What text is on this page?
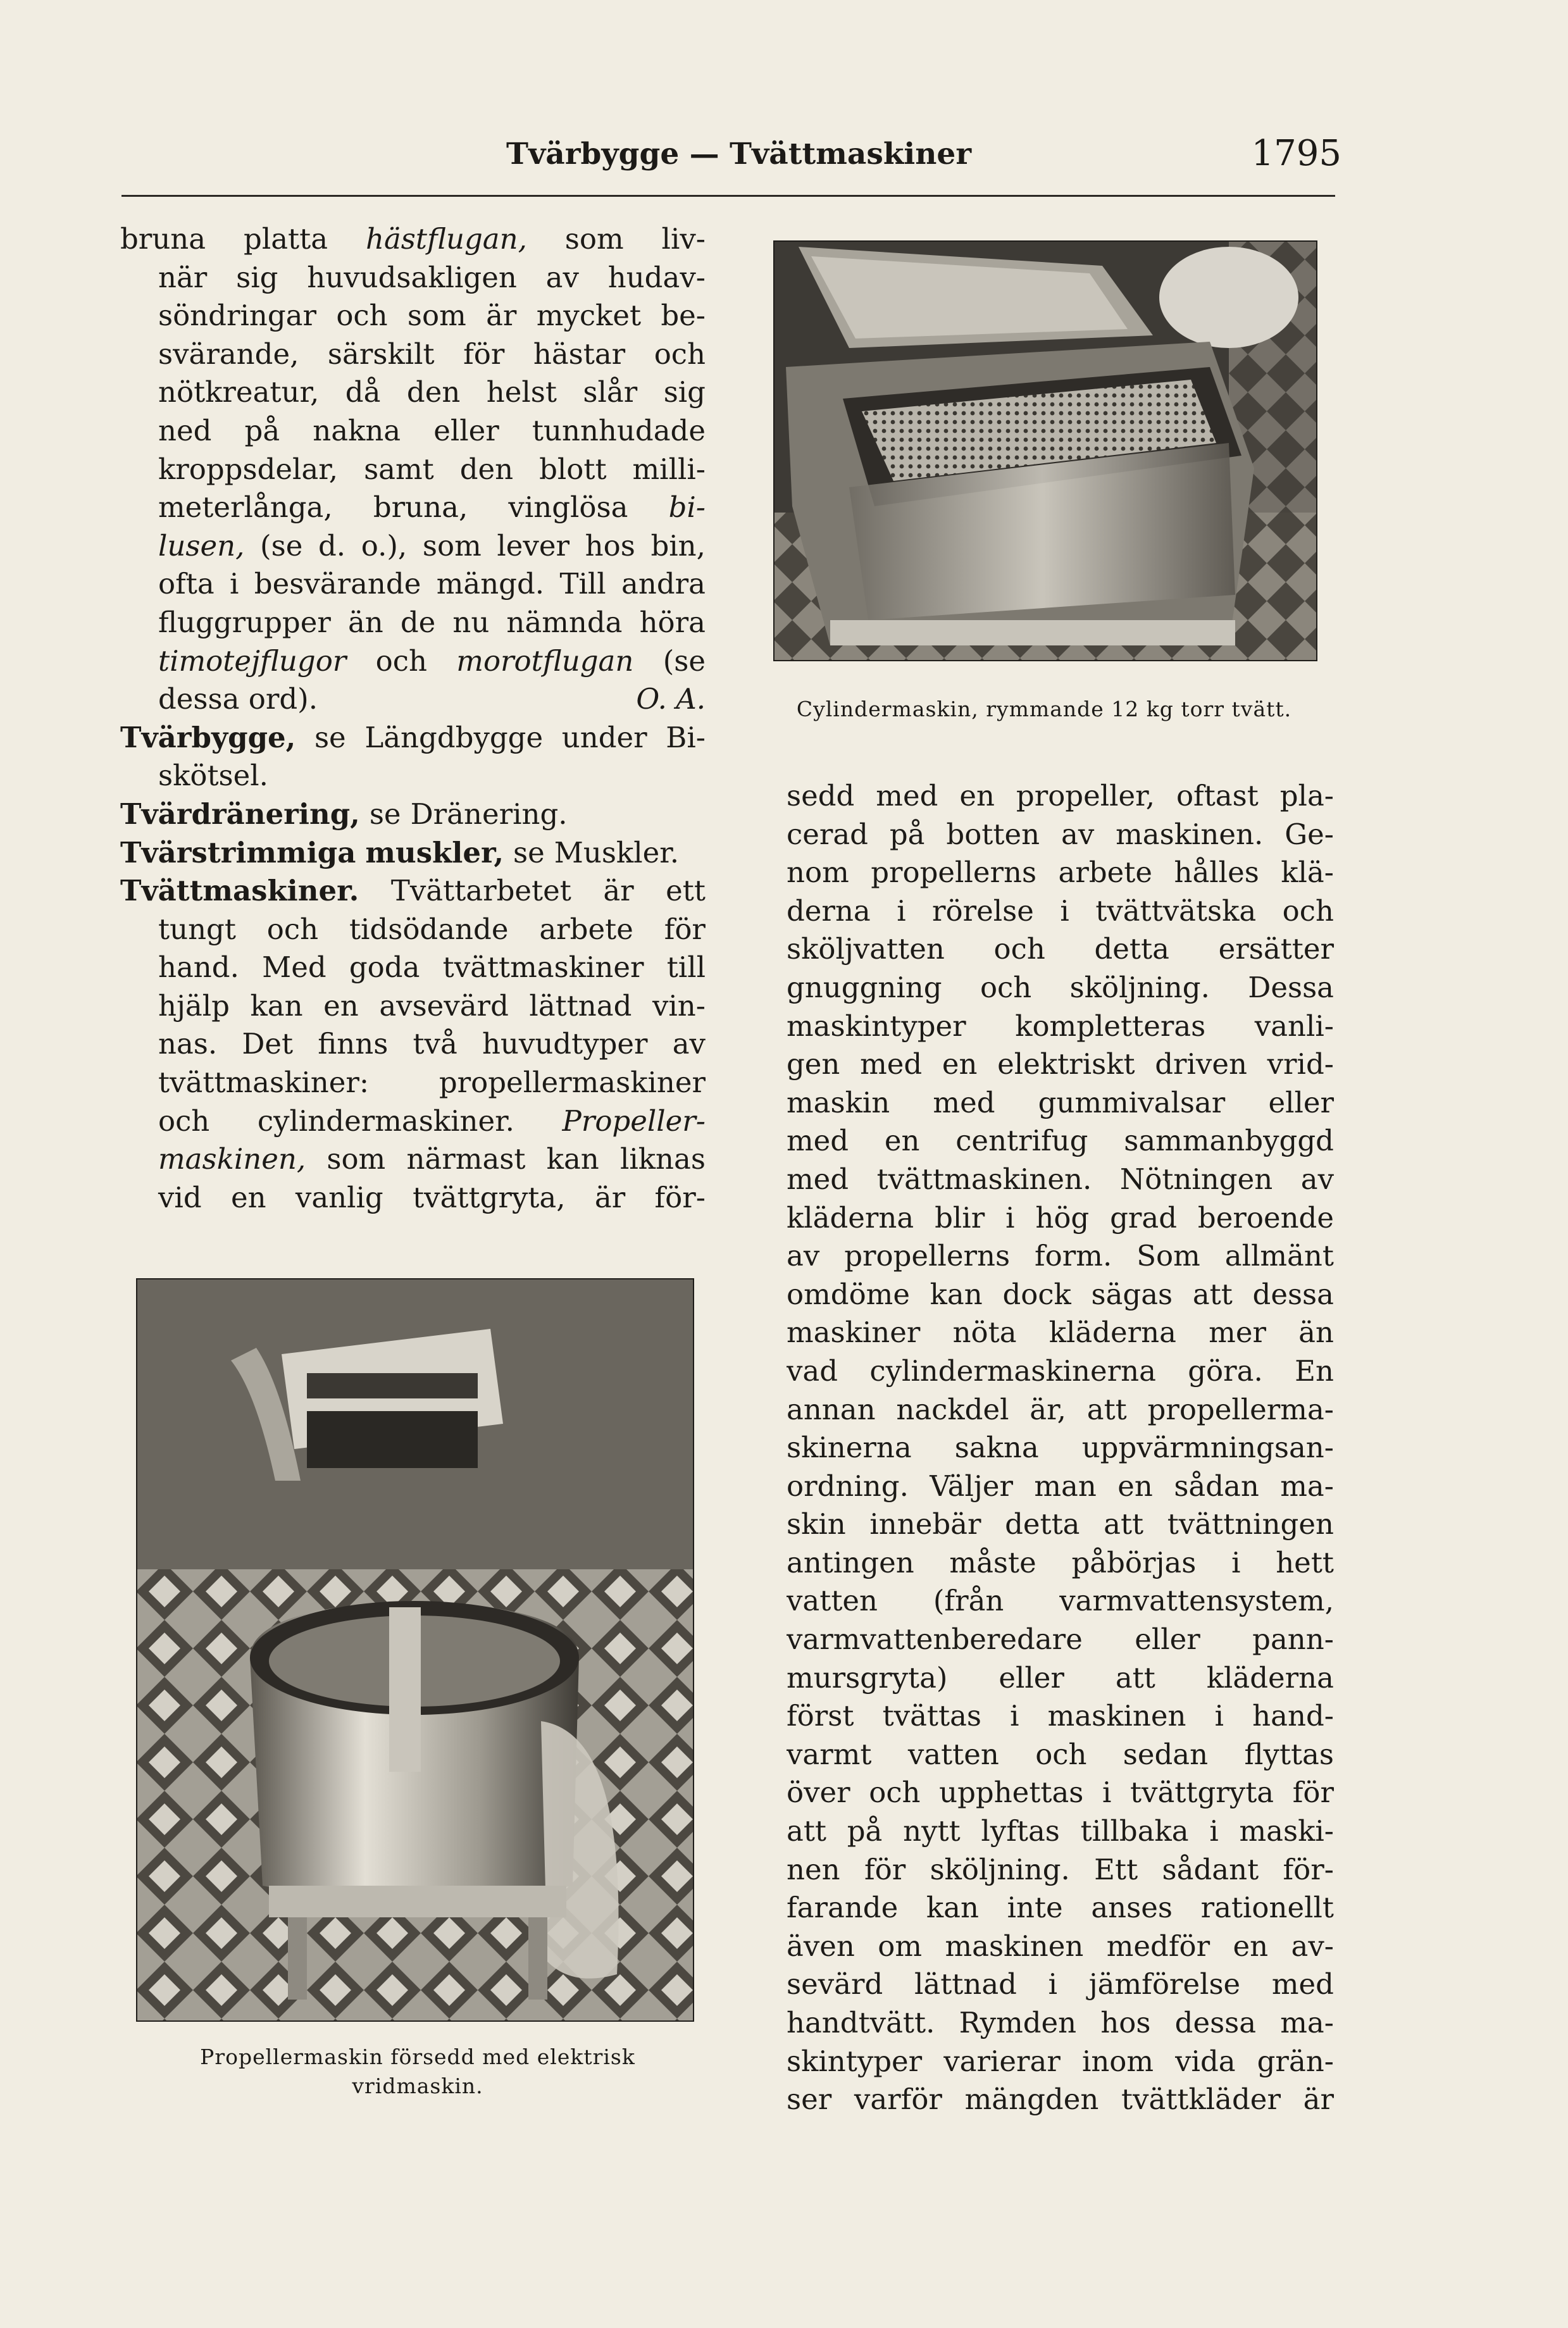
Tvärbygge — Tvättmaskiner	1795
bruna platta hästflugan, som liv-
när sig huvudsakligen av hudav-
söndringar och som är mycket be-
svärande, särskilt för hästar och
nötkreatur, då den helst slår sig
ned på nakna eller tunnhudade
kroppsdelar, samt den blott milli-
meterlånga, bruna, vinglösa bi-
lusen, (se d. o.), som lever hos bin,
ofta i besvärande mängd. Till andra
fluggrupper än de nu nämnda höra
timotejflugor och morotflugan (se
dessa ord).	O. A.
Tvärbygge, se Längdbygge under Bi-
skötsel.
Tvärdränering, se Dränering.
Tvärstrimmiga muskler, se Muskler.
Tvättmaskiner. Tvättarbetet är ett
tungt och tidsödande arbete för
hand. Med goda tvättmaskiner till
hjälp kan en avsevärd lättnad vin-
nas. Det finns två huvudtyper av
tvättmaskiner: propellermaskiner
och cylindermaskiner. Propeller-
maskinen, som närmast kan liknas
vid en vanlig tvättgryta, är för-
sedd med en propeller, oftast pla-
cerad på botten av maskinen. Ge-
nom propellerns arbete hålles klä-
derna i rörelse i tvättvätska och
sköljvatten och detta ersätter
gnuggning och sköljning. Dessa
maskintyper kompletteras vanli-
gen med en elektriskt driven vrid-
maskin med gummivalsar eller
med en centrifug sammanbyggd
med tvättmaskinen. Nötningen av
kläderna blir i hög grad beroende
av propellerns form. Som allmänt
omdöme kan dock sägas att dessa
maskiner nöta kläderna mer än
vad cylindermaskinerna göra. En
annan nackdel är, att propellerma-
skinerna sakna uppvärmningsan-
ordning. Väljer man en sådan ma-
skin innebär detta att tvättningen
antingen måste påbörjas i hett
vatten (från varmvattensystem,
varmvattenberedare eller pann-
mursgryta) eller att kläderna
först tvättas i maskinen i hand-
varmt vatten och sedan flyttas
över och upphettas i tvättgryta för
att på nytt lyftas tillbaka i maski-
nen för sköljning. Ett sådant för-
farande kan inte anses rationellt
även om maskinen medför en av-
sevärd lättnad i jämförelse med
handtvätt. Rymden hos dessa ma-
skintyper varierar inom vida grän-
ser varför mängden tvättkläder är
Cylindermaskin, rymmande 12 kg torr tvätt.
Propellermaskin försedd med elektrisk vridmaskin.
